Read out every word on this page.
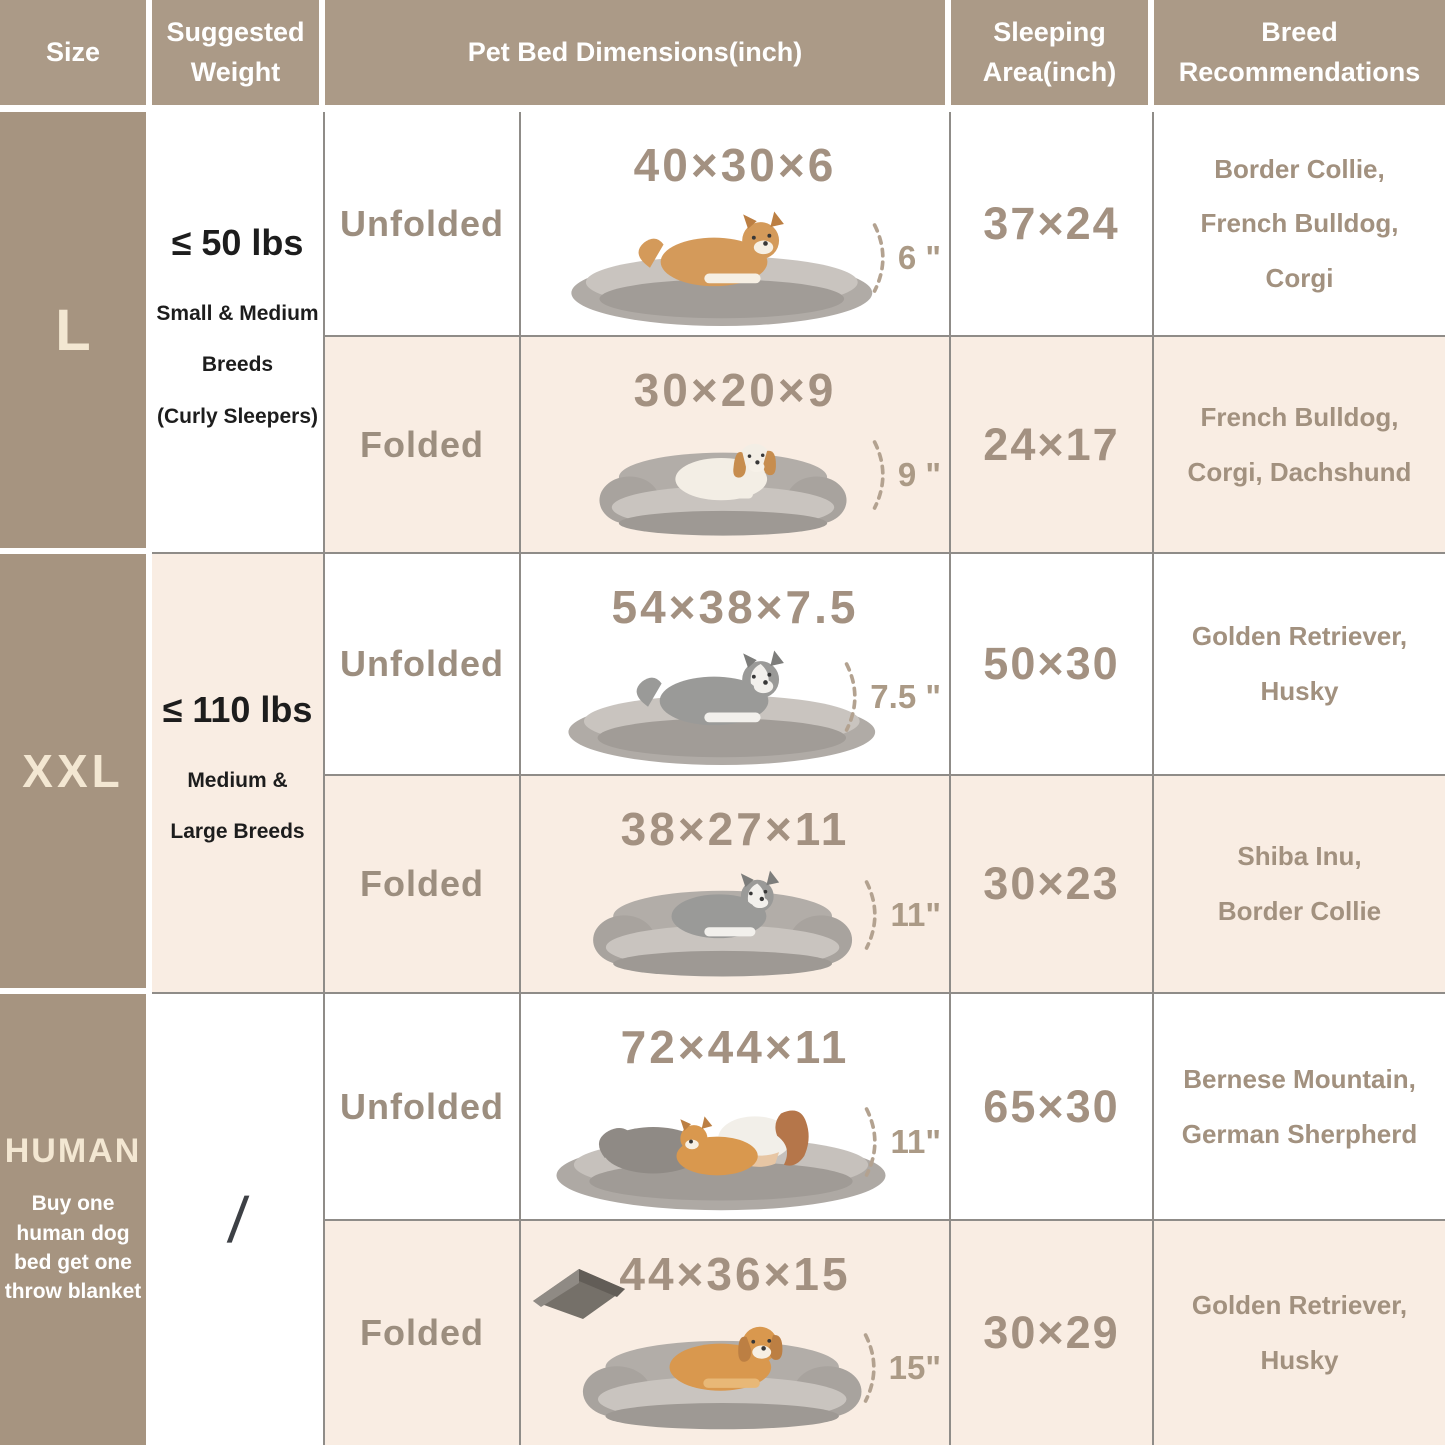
Size
Suggested Weight
Pet Bed Dimensions(inch)
Sleeping Area(inch)
Breed Recommendations
L
≤ 50 lbs
Small & Medium
Breeds
(Curly Sleepers)
Unfolded
40×30×6
6 "
37×24
Border Collie,
French Bulldog,
Corgi
Folded
30×20×9
9 "
24×17
French Bulldog,
Corgi, Dachshund
XXL
≤ 110 lbs
Medium &
Large Breeds
Unfolded
54×38×7.5
7.5 "
50×30
Golden Retriever,
Husky
Folded
38×27×11
11"
30×23
Shiba Inu,
Border Collie
HUMAN
Buy one human dog bed get one throw blanket
/
Unfolded
72×44×11
11"
65×30
Bernese Mountain,
German Sherpherd
Folded
44×36×15
15"
30×29
Golden Retriever,
Husky
